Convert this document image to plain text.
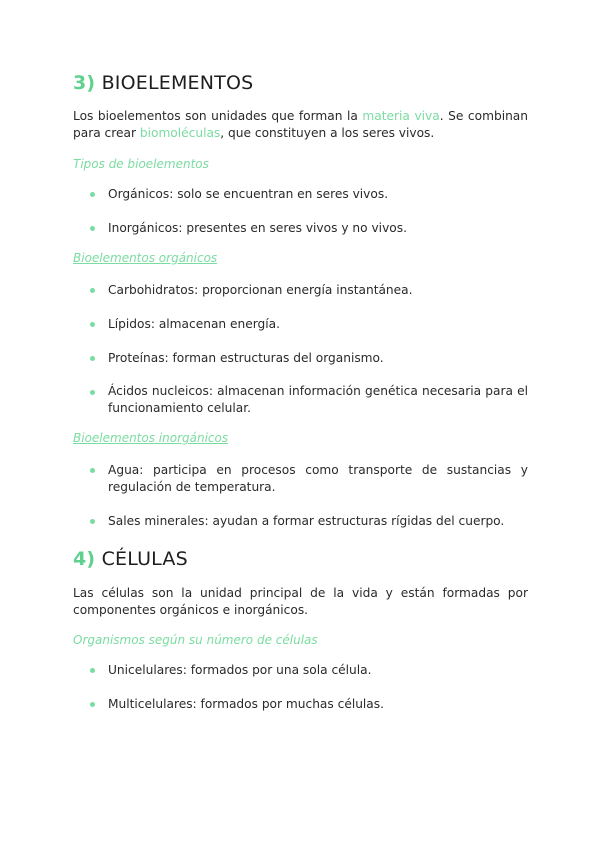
3) BIOELEMENTOS

Los bioelementos son unidades que forman la materia viva. Se combinan para crear biomoléculas, que constituyen a los seres vivos.

Tipos de bioelementos

Orgánicos: solo se encuentran en seres vivos.

Inorgánicos: presentes en seres vivos y no vivos.

Bioelementos orgánicos

Carbohidratos: proporcionan energía instantánea.

Lípidos: almacenan energía.

Proteínas: forman estructuras del organismo.

Ácidos nucleicos: almacenan información genética necesaria para el funcionamiento celular.

Bioelementos inorgánicos

Agua: participa en procesos como transporte de sustancias y regulación de temperatura.

Sales minerales: ayudan a formar estructuras rígidas del cuerpo.

4) CÉLULAS

Las células son la unidad principal de la vida y están formadas por componentes orgánicos e inorgánicos.

Organismos según su número de células

Unicelulares: formados por una sola célula.

Multicelulares: formados por muchas células.
